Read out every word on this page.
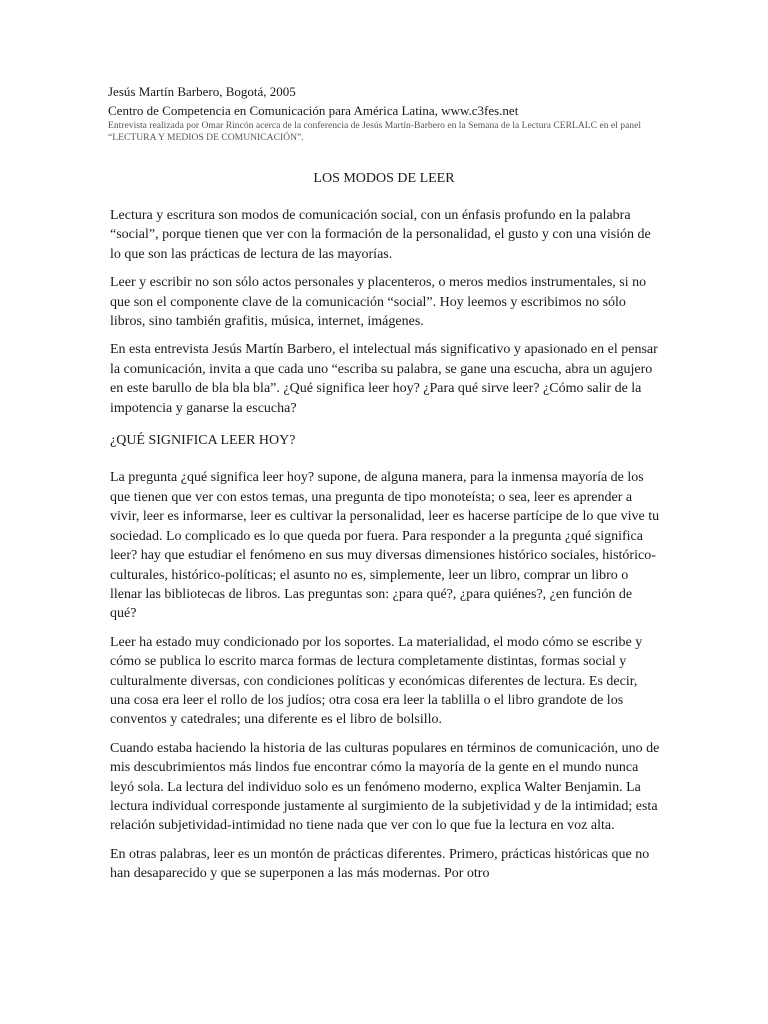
Jesús Martín Barbero, Bogotá, 2005
Centro de Competencia en Comunicación para América Latina, www.c3fes.net
Entrevista realizada por Omar Rincón acerca de la conferencia de Jesús Martín-Barbero en la Semana de la Lectura CERLALC en el panel “LECTURA Y MEDIOS DE COMUNICACIÓN”.
LOS MODOS DE LEER

Lectura y escritura son modos de comunicación social, con un énfasis profundo en la palabra “social”, porque tienen que ver con la formación de la personalidad, el gusto y con una visión de lo que son las prácticas de lectura de las mayorías.

Leer y escribir no son sólo actos personales y placenteros, o meros medios instrumentales, si no que son el componente clave de la comunicación “social”. Hoy leemos y escribimos no sólo libros, sino también grafitis, música, internet, imágenes.

En esta entrevista Jesús Martín Barbero, el intelectual más significativo y apasionado en el pensar la comunicación, invita a que cada uno “escriba su palabra, se gane una escucha, abra un agujero en este barullo de bla bla bla”. ¿Qué significa leer hoy? ¿Para qué sirve leer? ¿Cómo salir de la impotencia y ganarse la escucha?

¿QUÉ SIGNIFICA LEER HOY?

La pregunta ¿qué significa leer hoy? supone, de alguna manera, para la inmensa mayoría de los que tienen que ver con estos temas, una pregunta de tipo monoteísta; o sea, leer es aprender a vivir, leer es informarse, leer es cultivar la personalidad, leer es hacerse partícipe de lo que vive tu sociedad. Lo complicado es lo que queda por fuera. Para responder a la pregunta ¿qué significa leer? hay que estudiar el fenómeno en sus muy diversas dimensiones histórico sociales, histórico-culturales, histórico-políticas; el asunto no es, simplemente, leer un libro, comprar un libro o llenar las bibliotecas de libros. Las preguntas son: ¿para qué?, ¿para quiénes?, ¿en función de qué?

Leer ha estado muy condicionado por los soportes. La materialidad, el modo cómo se escribe y cómo se publica lo escrito marca formas de lectura completamente distintas, formas social y culturalmente diversas, con condiciones políticas y económicas diferentes de lectura. Es decir, una cosa era leer el rollo de los judíos; otra cosa era leer la tablilla o el libro grandote de los conventos y catedrales; una diferente es el libro de bolsillo.

Cuando estaba haciendo la historia de las culturas populares en términos de comunicación, uno de mis descubrimientos más lindos fue encontrar cómo la mayoría de la gente en el mundo nunca leyó sola. La lectura del individuo solo es un fenómeno moderno, explica Walter Benjamin. La lectura individual corresponde justamente al surgimiento de la subjetividad y de la intimidad; esta relación subjetividad-intimidad no tiene nada que ver con lo que fue la lectura en voz alta.

En otras palabras, leer es un montón de prácticas diferentes. Primero, prácticas históricas que no han desaparecido y que se superponen a las más modernas. Por otro
